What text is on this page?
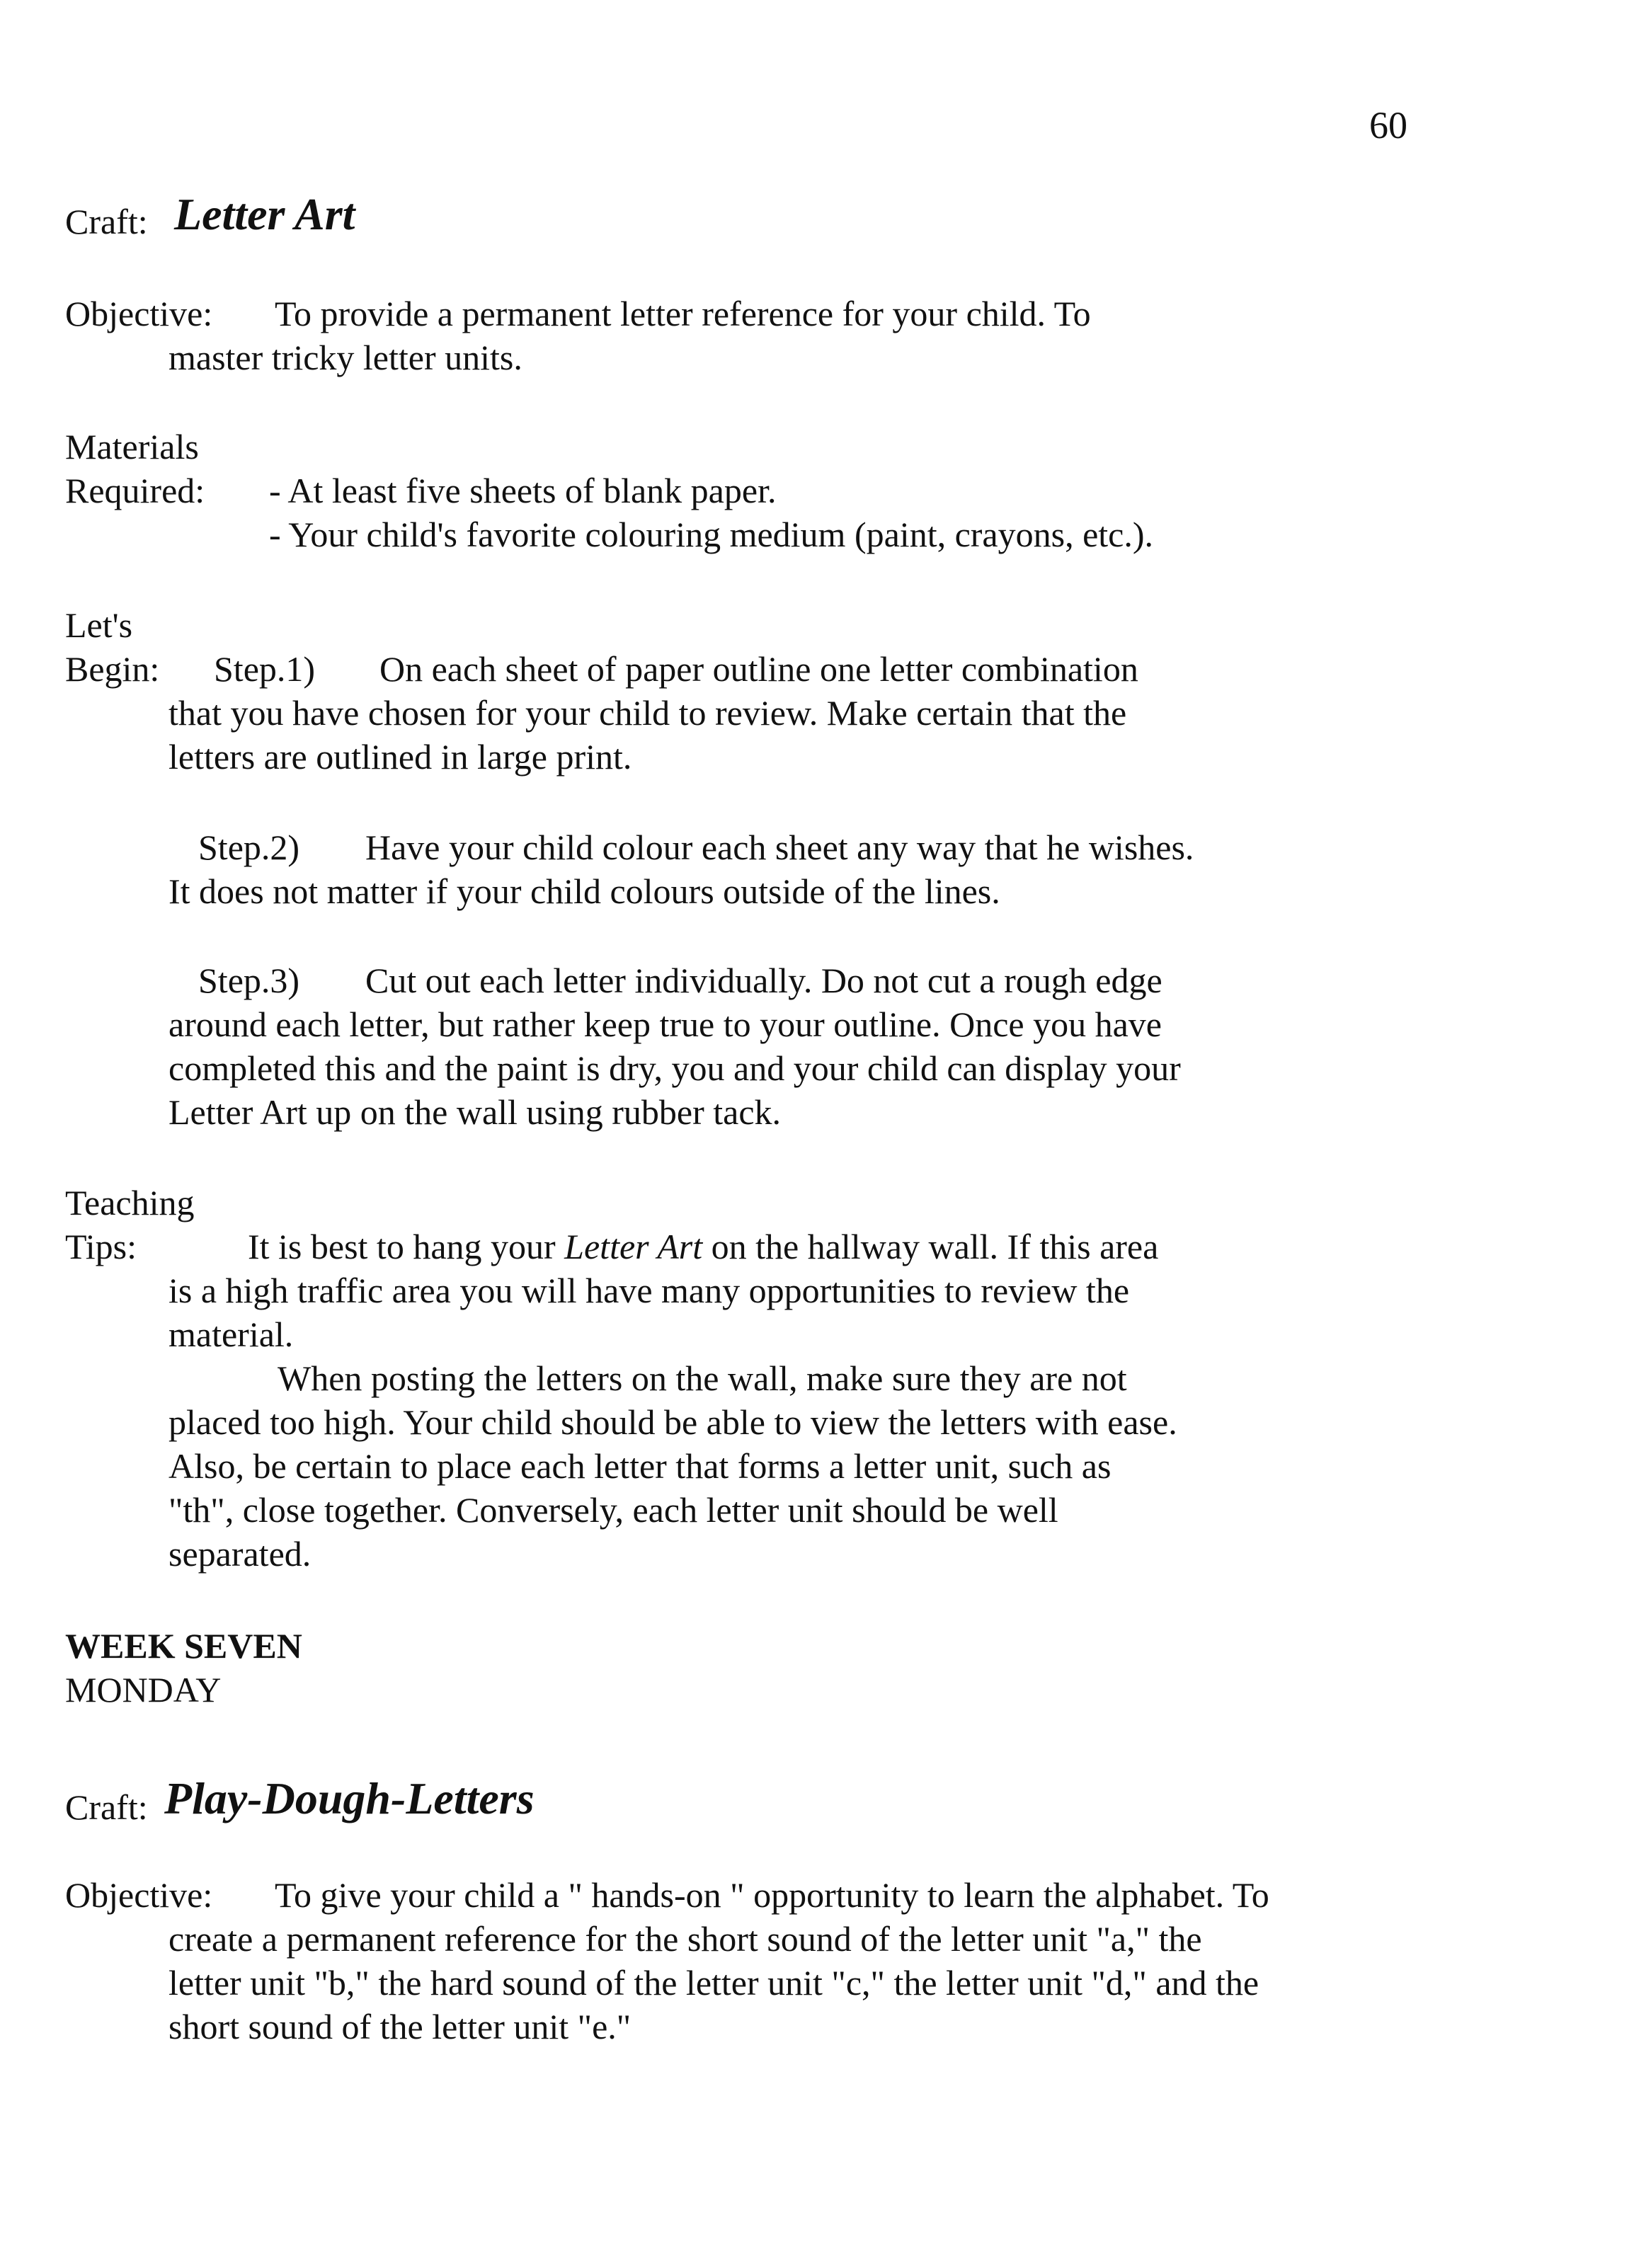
60
Craft: Letter Art
Objective: To provide a permanent letter reference for your child. To
master tricky letter units.
Materials
Required: - At least five sheets of blank paper.
- Your child's favorite colouring medium (paint, crayons, etc.).
Let's
Begin: Step.1) On each sheet of paper outline one letter combination
that you have chosen for your child to review. Make certain that the
letters are outlined in large print.
Step.2) Have your child colour each sheet any way that he wishes.
It does not matter if your child colours outside of the lines.
Step.3) Cut out each letter individually. Do not cut a rough edge
around each letter, but rather keep true to your outline. Once you have
completed this and the paint is dry, you and your child can display your
Letter Art up on the wall using rubber tack.
Teaching
Tips:	It is best to hang your Letter Art on the hallway wall. If this area
is a high traffic area you will have many opportunities to review the
material.
When posting the letters on the wall, make sure they are not
placed too high. Your child should be able to view the letters with ease.
Also, be certain to place each letter that forms a letter unit, such as
"th", close together. Conversely, each letter unit should be well
separated.
WEEK SEVEN
MONDAY
Craft: Play-Dough-Letters
Objective: To give your child a " hands-on " opportunity to learn the alphabet. To
create a permanent reference for the short sound of the letter unit "a," the
letter unit "b," the hard sound of the letter unit "c," the letter unit "d," and the
short sound of the letter unit "e."
